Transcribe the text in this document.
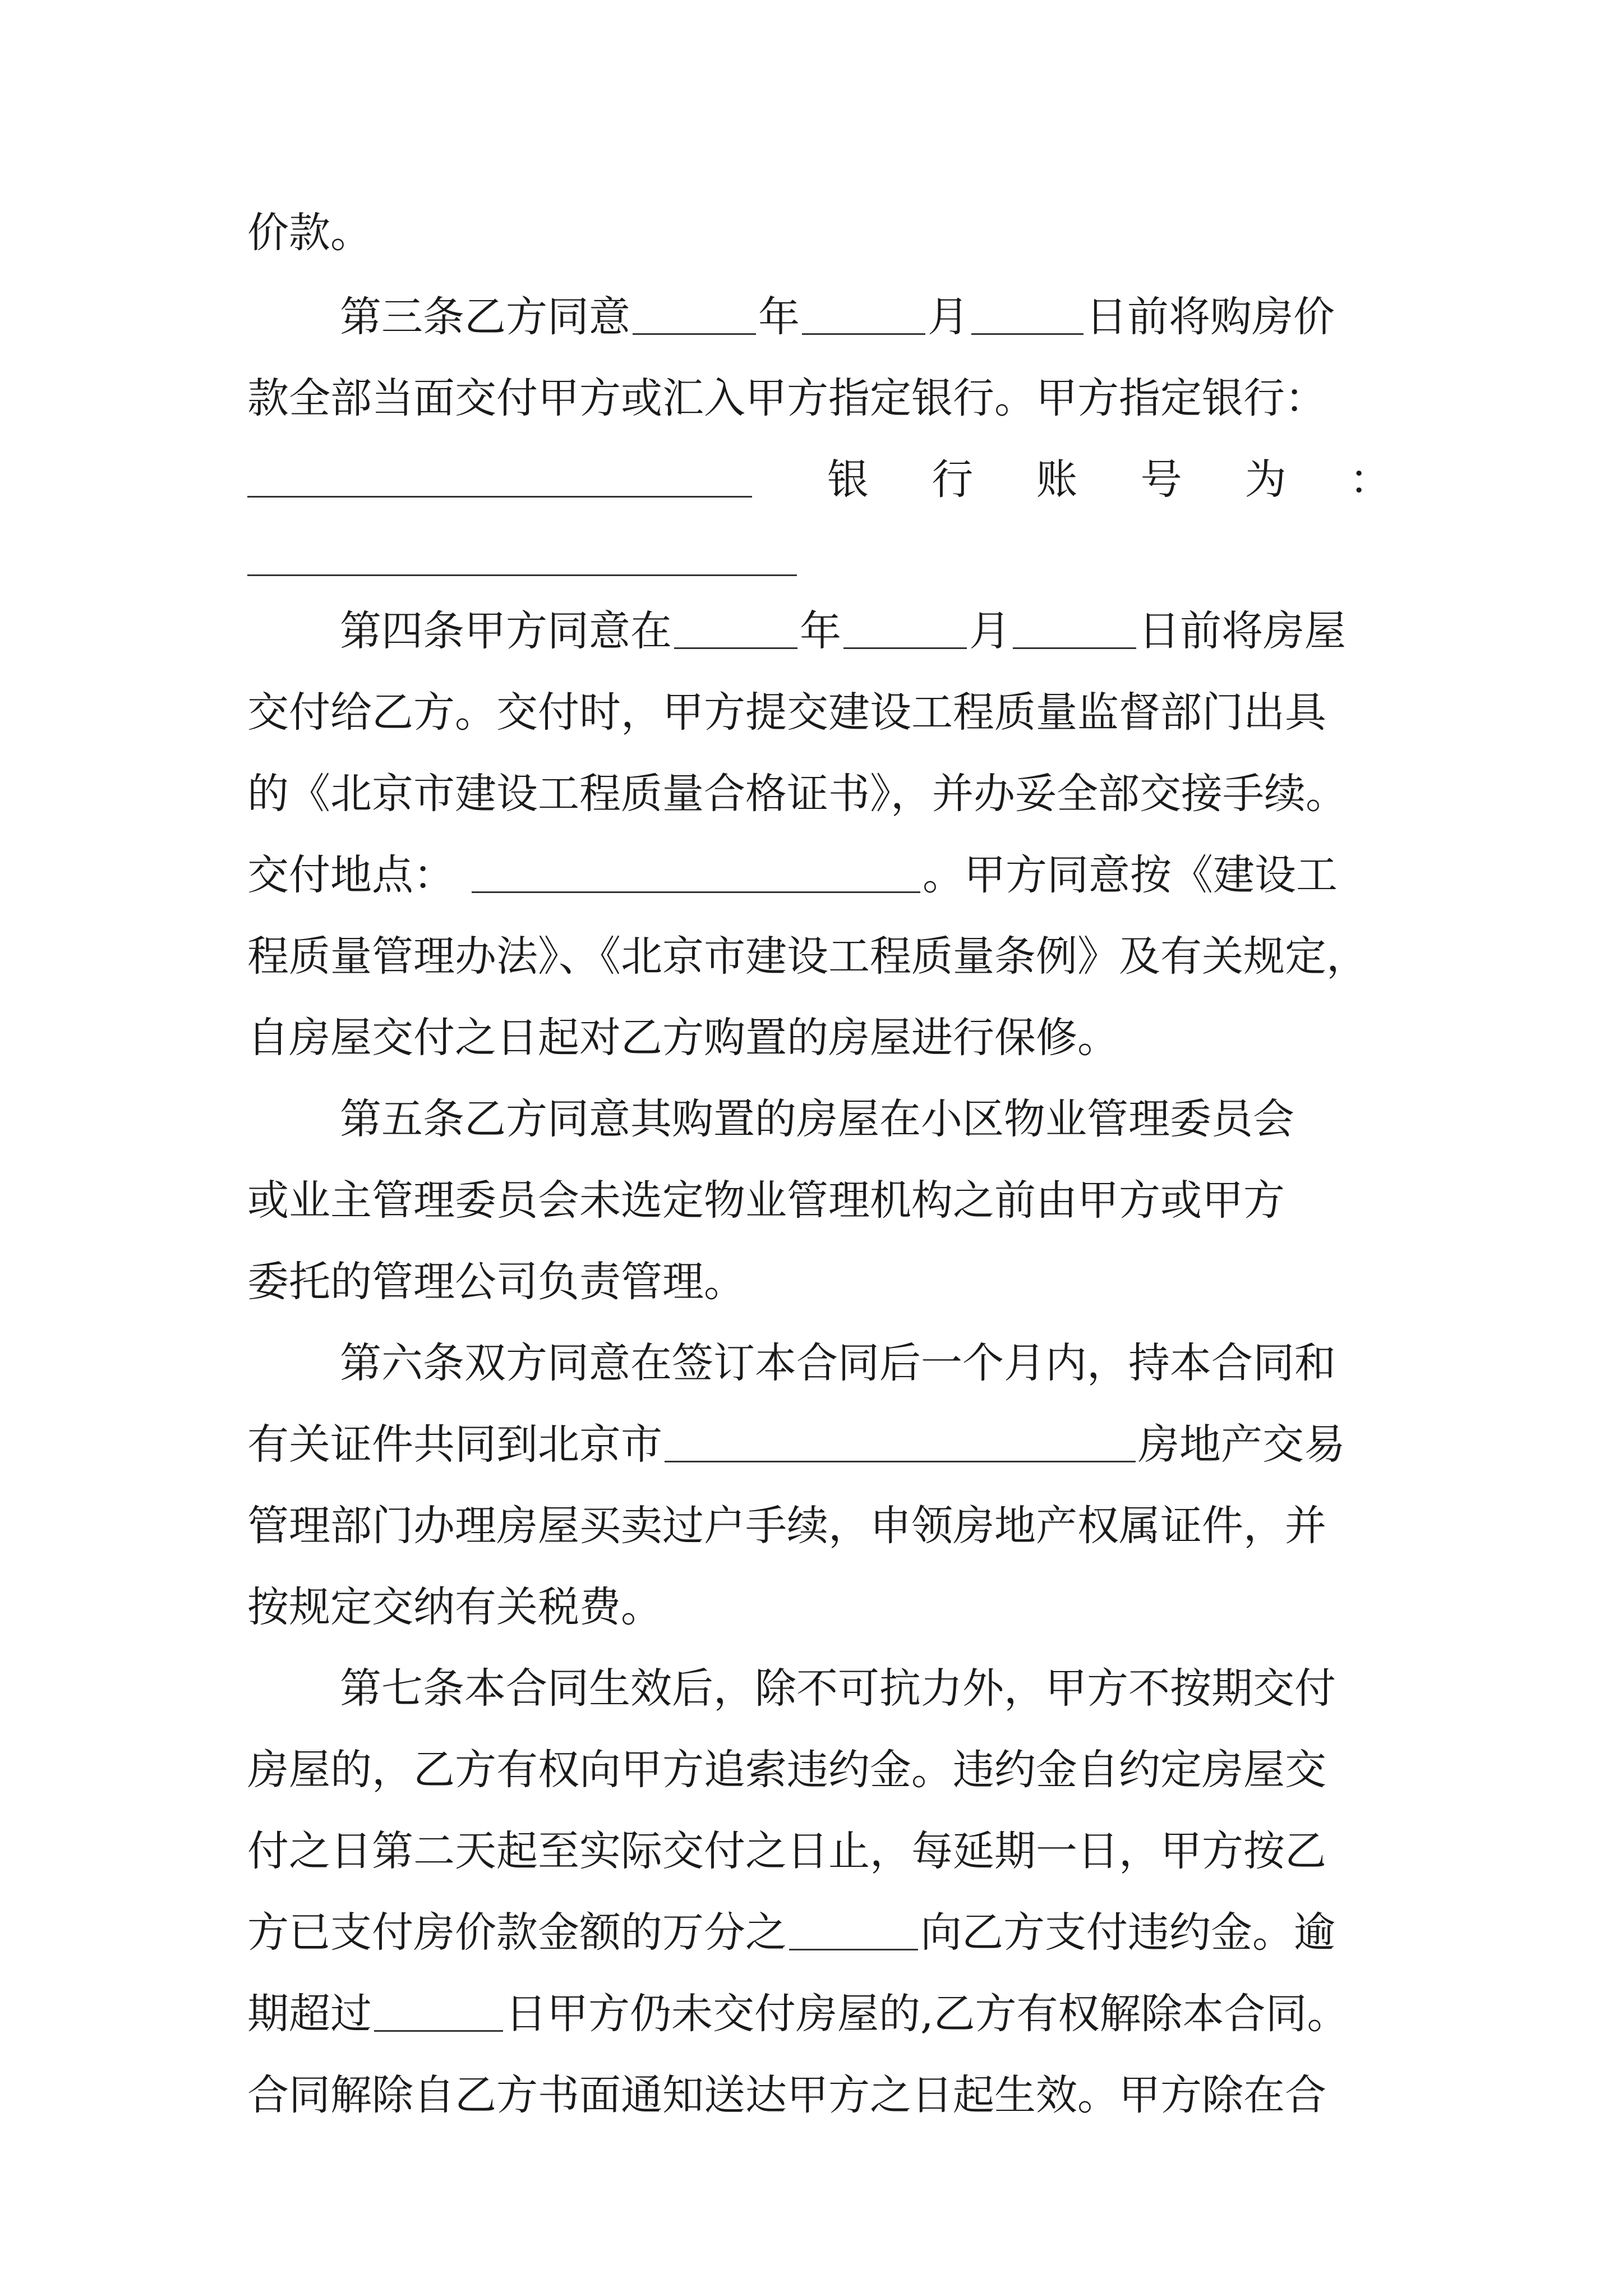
价款。
第三条乙方同意	年	月	日前将购房价
款全部当面交付甲方或汇入甲方指定银行。甲方指定银行：
银 行 账 号 为 ：
第四条甲方同意在	年	月	日前将房屋
交付给乙方。交付时，甲方提交建设工程质量监督部门出具
的《北京市建设工程质量合格证书》，并办妥全部交接手续。
交付地点：	。甲方同意按《建设工
程质量管理办法》、《北京市建设工程质量条例》及有关规定，
自房屋交付之日起对乙方购置的房屋进行保修。
第五条乙方同意其购置的房屋在小区物业管理委员会
或业主管理委员会未选定物业管理机构之前由甲方或甲方
委托的管理公司负责管理。
第六条双方同意在签订本合同后一个月内，持本合同和
有关证件共同到北京市	房地产交易
管理部门办理房屋买卖过户手续，申领房地产权属证件，并
按规定交纳有关税费。
第七条本合同生效后，除不可抗力外，甲方不按期交付
房屋的，乙方有权向甲方追索违约金。违约金自约定房屋交
付之日第二天起至实际交付之日止，每延期一日，甲方按乙
方已支付房价款金额的万分之	向乙方支付违约金。逾
期超过	日甲方仍未交付房屋的,乙方有权解除本合同。
合同解除自乙方书面通知送达甲方之日起生效。甲方除在合
